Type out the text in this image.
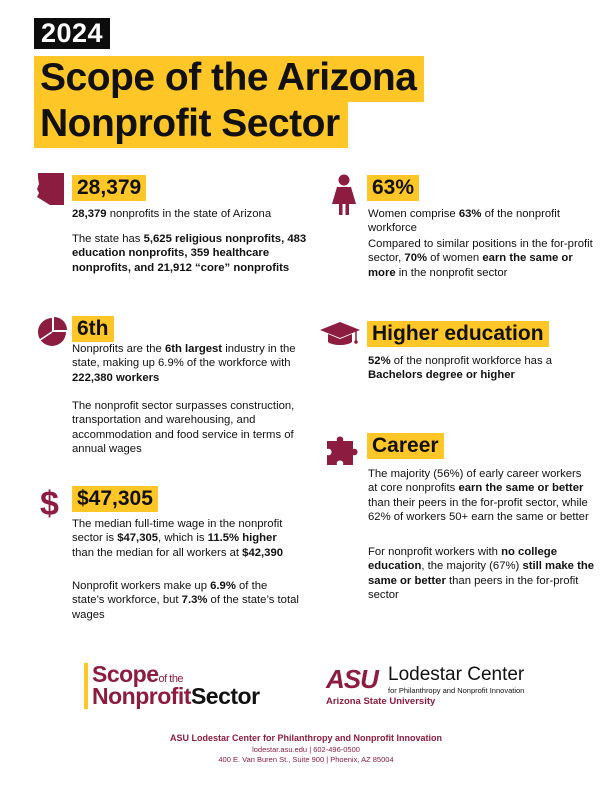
2024
Scope of the Arizona
Nonprofit Sector
28,379
28,379 nonprofits in the state of Arizona
The state has 5,625 religious nonprofits, 483 education nonprofits, 359 healthcare nonprofits, and 21,912 “core” nonprofits
6th
Nonprofits are the 6th largest industry in the state, making up 6.9% of the workforce with 222,380 workers
The nonprofit sector surpasses construction, transportation and warehousing, and accommodation and food service in terms of annual wages
$ $47,305
The median full-time wage in the nonprofit sector is $47,305, which is 11.5% higher than the median for all workers at $42,390
Nonprofit workers make up 6.9% of the state’s workforce, but 7.3% of the state’s total wages
63%
Women comprise 63% of the nonprofit workforce
Compared to similar positions in the for-profit sector, 70% of women earn the same or more in the nonprofit sector
Higher education
52% of the nonprofit workforce has a Bachelors degree or higher
Career
The majority (56%) of early career workers at core nonprofits earn the same or better than their peers in the for-profit sector, while 62% of workers 50+ earn the same or better
For nonprofit workers with no college education, the majority (67%) still make the same or better than peers in the for-profit sector
Scopeof the
NonprofitSector
ASU Lodestar Center
for Philanthropy and Nonprofit Innovation
Arizona State University
ASU Lodestar Center for Philanthropy and Nonprofit Innovation
lodestar.asu.edu | 602-496-0500
400 E. Van Buren St., Suite 900 | Phoenix, AZ 85004
